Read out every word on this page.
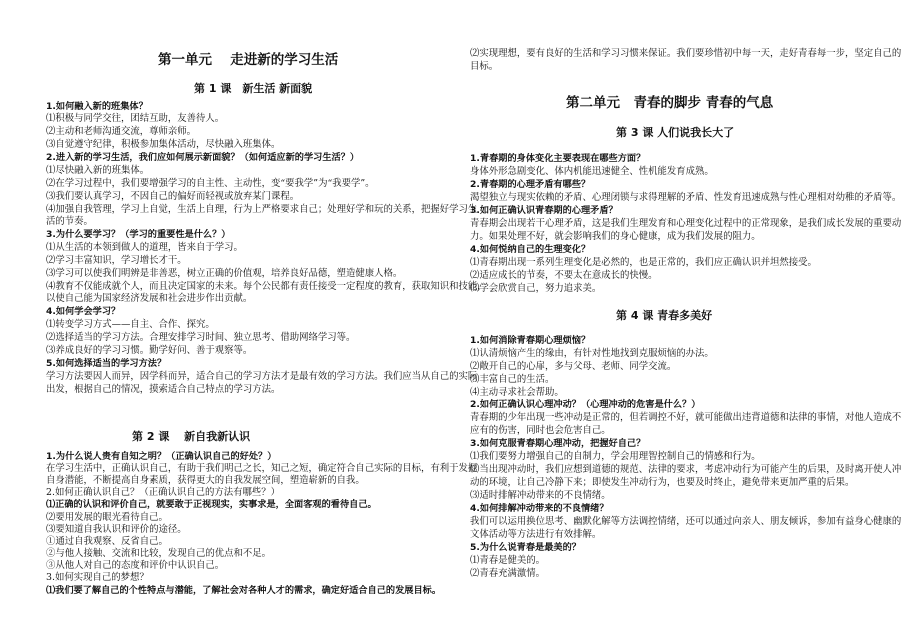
第一单元　 走进新的学习生活
第 1 课　新生活 新面貌
1.如何融入新的班集体？
⑴积极与同学交往，团结互助，友善待人。
⑵主动和老师沟通交流，尊师亲师。
⑶自觉遵守纪律，积极参加集体活动，尽快融入班集体。
2.进入新的学习生活，我们应如何展示新面貌？（如何适应新的学习生活？）
⑴尽快融入新的班集体。
⑵在学习过程中，我们要增强学习的自主性、主动性，变“要我学”为“我要学”。
⑶我们要认真学习，不因自己的偏好而轻视或放弃某门课程。
⑷加强自我管理，学习上自觉，生活上自理，行为上严格要求自己；处理好学和玩的关系，把握好学习生
活的节奏。
3.为什么要学习？（学习的重要性是什么？）
⑴从生活的本领到做人的道理，皆来自于学习。
⑵学习丰富知识，学习增长才干。
⑶学习可以使我们明辨是非善恶，树立正确的价值观，培养良好品德，塑造健康人格。
⑷教育不仅能成就个人，而且决定国家的未来。每个公民都有责任接受一定程度的教育，获取知识和技能，
以使自己能为国家经济发展和社会进步作出贡献。
4.如何学会学习？
⑴转变学习方式——自主、合作、探究。
⑵选择适当的学习方法。合理安排学习时间、独立思考、借助网络学习等。
⑶养成良好的学习习惯。勤学好问、善于观察等。
5.如何选择适当的学习方法？
学习方法要因人而异，因学科而异，适合自己的学习方法才是最有效的学习方法。我们应当从自己的实际
出发，根据自己的情况，摸索适合自己特点的学习方法。
第 2 课　 新自我新认识
1.为什么说人贵有自知之明？（正确认识自己的好处？）
在学习生活中，正确认识自己，有助于我们明己之长，知己之短，确定符合自己实际的目标，有利于发掘
自身潜能，不断提高自身素质，获得更大的自我发展空间，塑造崭新的自我。
2.如何正确认识自己？（正确认识自己的方法有哪些？）
⑴正确的认识和评价自己，就要敢于正视现实，实事求是，全面客观的看待自己。
⑵要用发展的眼光看待自己。
⑶要知道自我认识和评价的途径。
①通过自我观察、反省自己。
②与他人接触、交流和比较，发现自己的优点和不足。
③从他人对自己的态度和评价中认识自己。
3.如何实现自己的梦想？
⑴我们要了解自己的个性特点与潜能，了解社会对各种人才的需求，确定好适合自己的发展目标。
⑵实现理想，要有良好的生活和学习习惯来保证。我们要珍惜初中每一天，走好青春每一步，坚定自己的
目标。
第二单元　青春的脚步 青春的气息
第 3 课 人们说我长大了
1.青春期的身体变化主要表现在哪些方面？
身体外形急剧变化、体内机能迅速健全、性机能发育成熟。
2.青春期的心理矛盾有哪些？
渴望独立与现实依赖的矛盾、心理闭锁与求得理解的矛盾、性发育迅速成熟与性心理相对幼稚的矛盾等。
3.如何正确认识青春期的心理矛盾？
青春期会出现若干心理矛盾，这是我们生理发育和心理变化过程中的正常现象，是我们成长发展的重要动
力。如果处理不好，就会影响我们的身心健康，成为我们发展的阻力。
4.如何悦纳自己的生理变化？
⑴青春期出现一系列生理变化是必然的，也是正常的，我们应正确认识并坦然接受。
⑵适应成长的节奏，不要太在意成长的快慢。
⑶学会欣赏自己，努力追求美。
第 4 课 青春多美好
1.如何消除青春期心理烦恼？
⑴认清烦恼产生的缘由，有针对性地找到克服烦恼的办法。
⑵敞开自己的心扉，多与父母、老师、同学交流。
⑶丰富自己的生活。
⑷主动寻求社会帮助。
2.如何正确认识心理冲动？（心理冲动的危害是什么？）
青春期的少年出现一些冲动是正常的，但若调控不好，就可能做出违背道德和法律的事情，对他人造成不
应有的伤害，同时也会危害自己。
3.如何克服青春期心理冲动，把握好自己？
⑴我们要努力增强自己的自制力，学会用理智控制自己的情感和行为。
⑵当出现冲动时，我们应想到道德的规范、法律的要求，考虑冲动行为可能产生的后果，及时离开使人冲
动的环境，让自己冷静下来；即使发生冲动行为，也要及时终止，避免带来更加严重的后果。
⑶适时排解冲动带来的不良情绪。
4.如何排解冲动带来的不良情绪？
我们可以运用换位思考、幽默化解等方法调控情绪，还可以通过向亲人、朋友倾诉，参加有益身心健康的
文体活动等方法进行有效排解。
5.为什么说青春是最美的？
⑴青春是健美的。
⑵青春充满激情。
